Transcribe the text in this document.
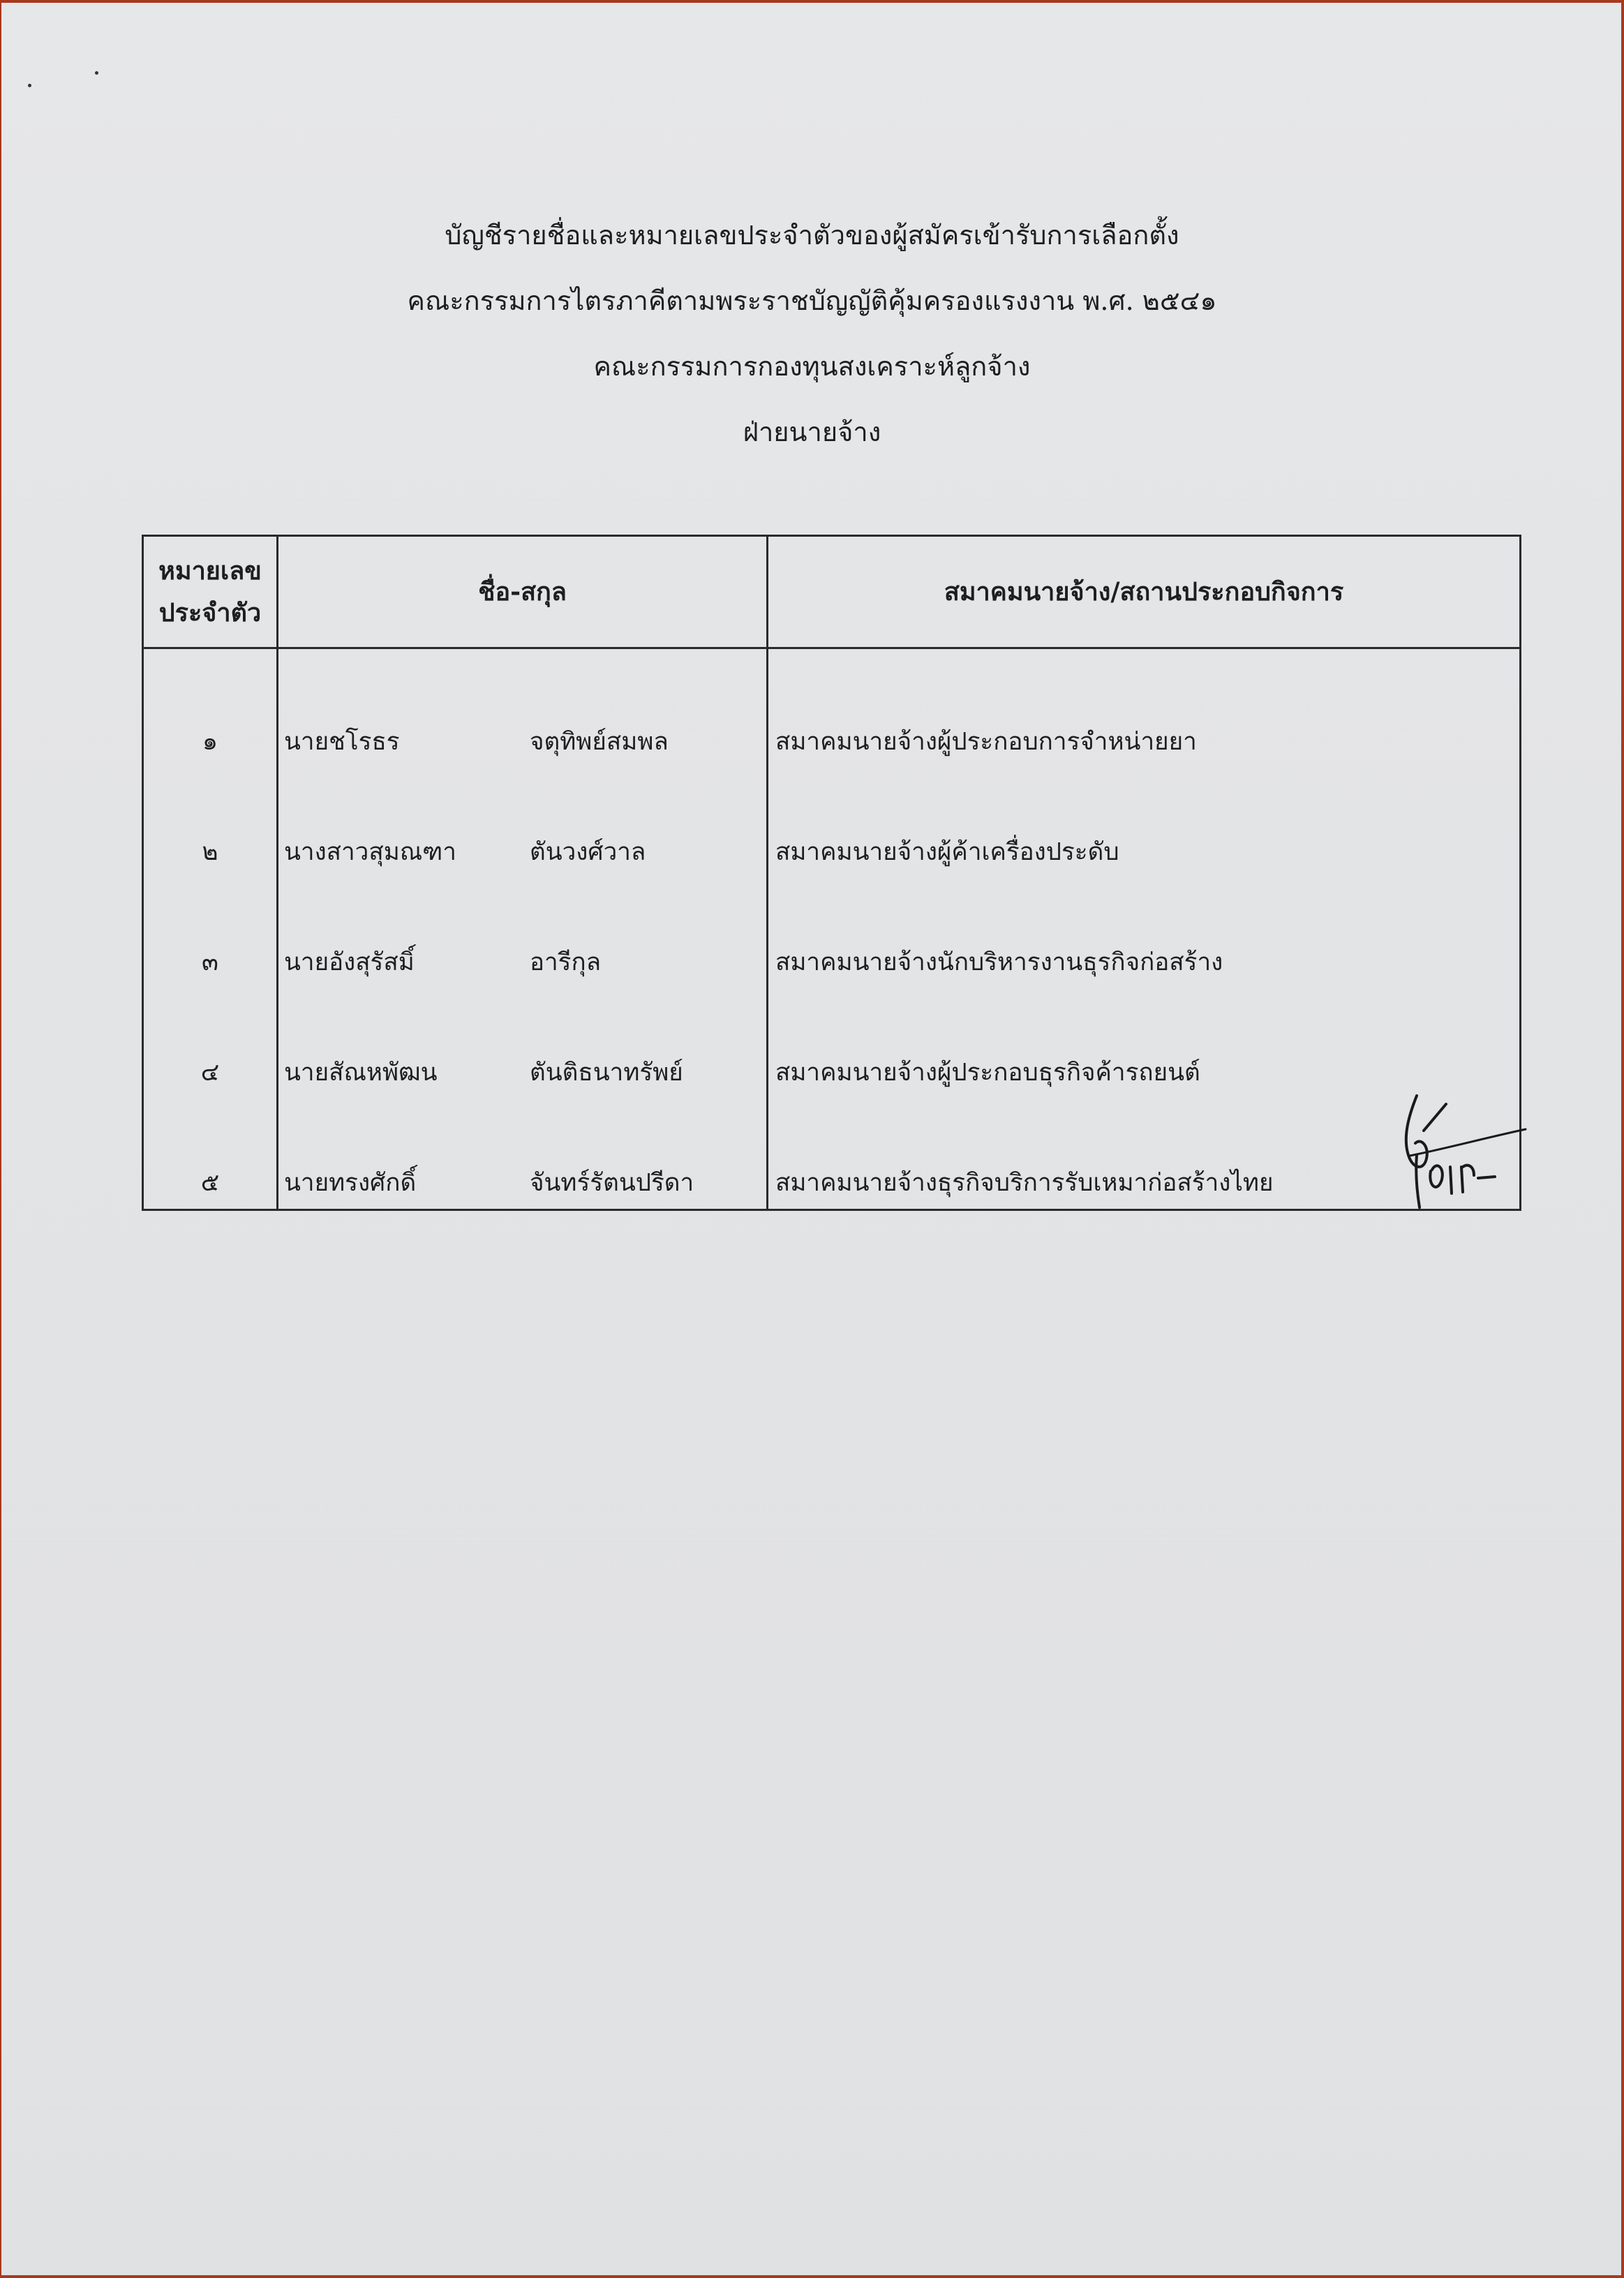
บัญชีรายชื่อและหมายเลขประจำตัวของผู้สมัครเข้ารับการเลือกตั้ง
คณะกรรมการไตรภาคีตามพระราชบัญญัติคุ้มครองแรงงาน พ.ศ. ๒๕๔๑
คณะกรรมการกองทุนสงเคราะห์ลูกจ้าง
ฝ่ายนายจ้าง
หมายเลข
ประจำตัว	ชื่อ-สกุล	สมาคมนายจ้าง/สถานประกอบกิจการ
๑	นายชโรธร จตุทิพย์สมพล	สมาคมนายจ้างผู้ประกอบการจำหน่ายยา
๒	นางสาวสุมณฑา ตันวงศ์วาล	สมาคมนายจ้างผู้ค้าเครื่องประดับ
๓	นายอังสุรัสมิ์ อารีกุล	สมาคมนายจ้างนักบริหารงานธุรกิจก่อสร้าง
๔	นายสัณหพัฒน ตันติธนาทรัพย์	สมาคมนายจ้างผู้ประกอบธุรกิจค้ารถยนต์
๕	นายทรงศักดิ์ จันทร์รัตนปรีดา	สมาคมนายจ้างธุรกิจบริการรับเหมาก่อสร้างไทย
